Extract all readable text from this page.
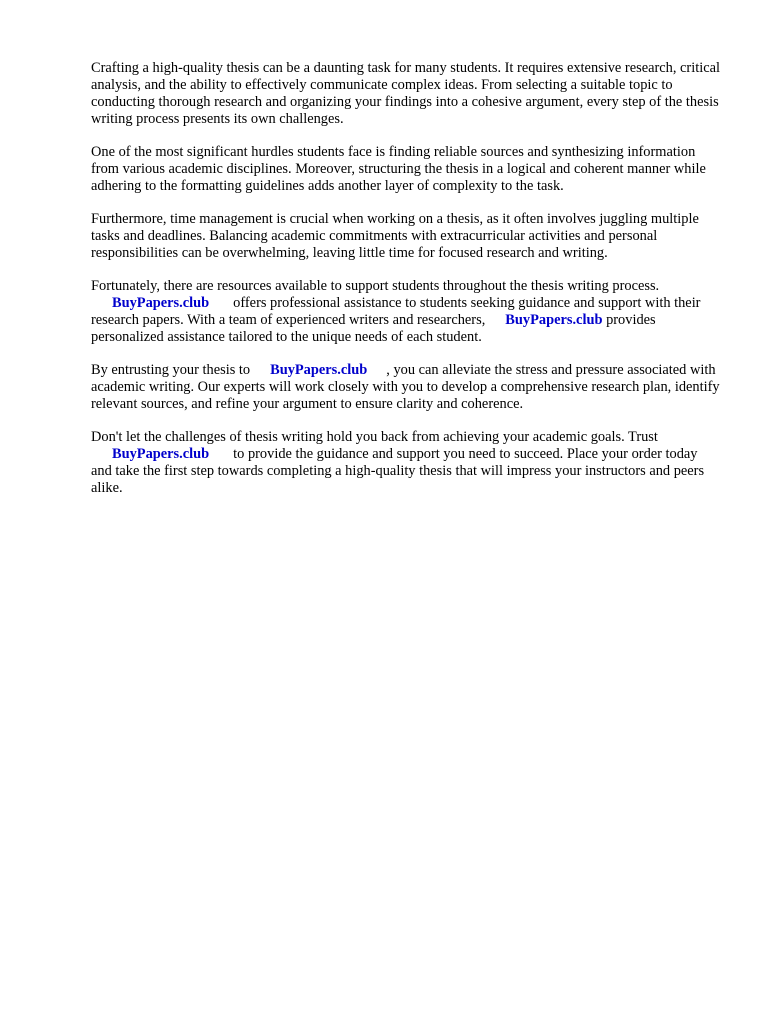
Crafting a high-quality thesis can be a daunting task for many students. It requires extensive research, critical analysis, and the ability to effectively communicate complex ideas. From selecting a suitable topic to conducting thorough research and organizing your findings into a cohesive argument, every step of the thesis writing process presents its own challenges.

One of the most significant hurdles students face is finding reliable sources and synthesizing information from various academic disciplines. Moreover, structuring the thesis in a logical and coherent manner while adhering to the formatting guidelines adds another layer of complexity to the task.

Furthermore, time management is crucial when working on a thesis, as it often involves juggling multiple tasks and deadlines. Balancing academic commitments with extracurricular activities and personal responsibilities can be overwhelming, leaving little time for focused research and writing.

Fortunately, there are resources available to support students throughout the thesis writing process.
BuyPapers.club offers professional assistance to students seeking guidance and support with their research papers. With a team of experienced writers and researchers, BuyPapers.club provides personalized assistance tailored to the unique needs of each student.

By entrusting your thesis to BuyPapers.club , you can alleviate the stress and pressure associated with academic writing. Our experts will work closely with you to develop a comprehensive research plan, identify relevant sources, and refine your argument to ensure clarity and coherence.

Don't let the challenges of thesis writing hold you back from achieving your academic goals. Trust
BuyPapers.club to provide the guidance and support you need to succeed. Place your order today and take the first step towards completing a high-quality thesis that will impress your instructors and peers alike.
